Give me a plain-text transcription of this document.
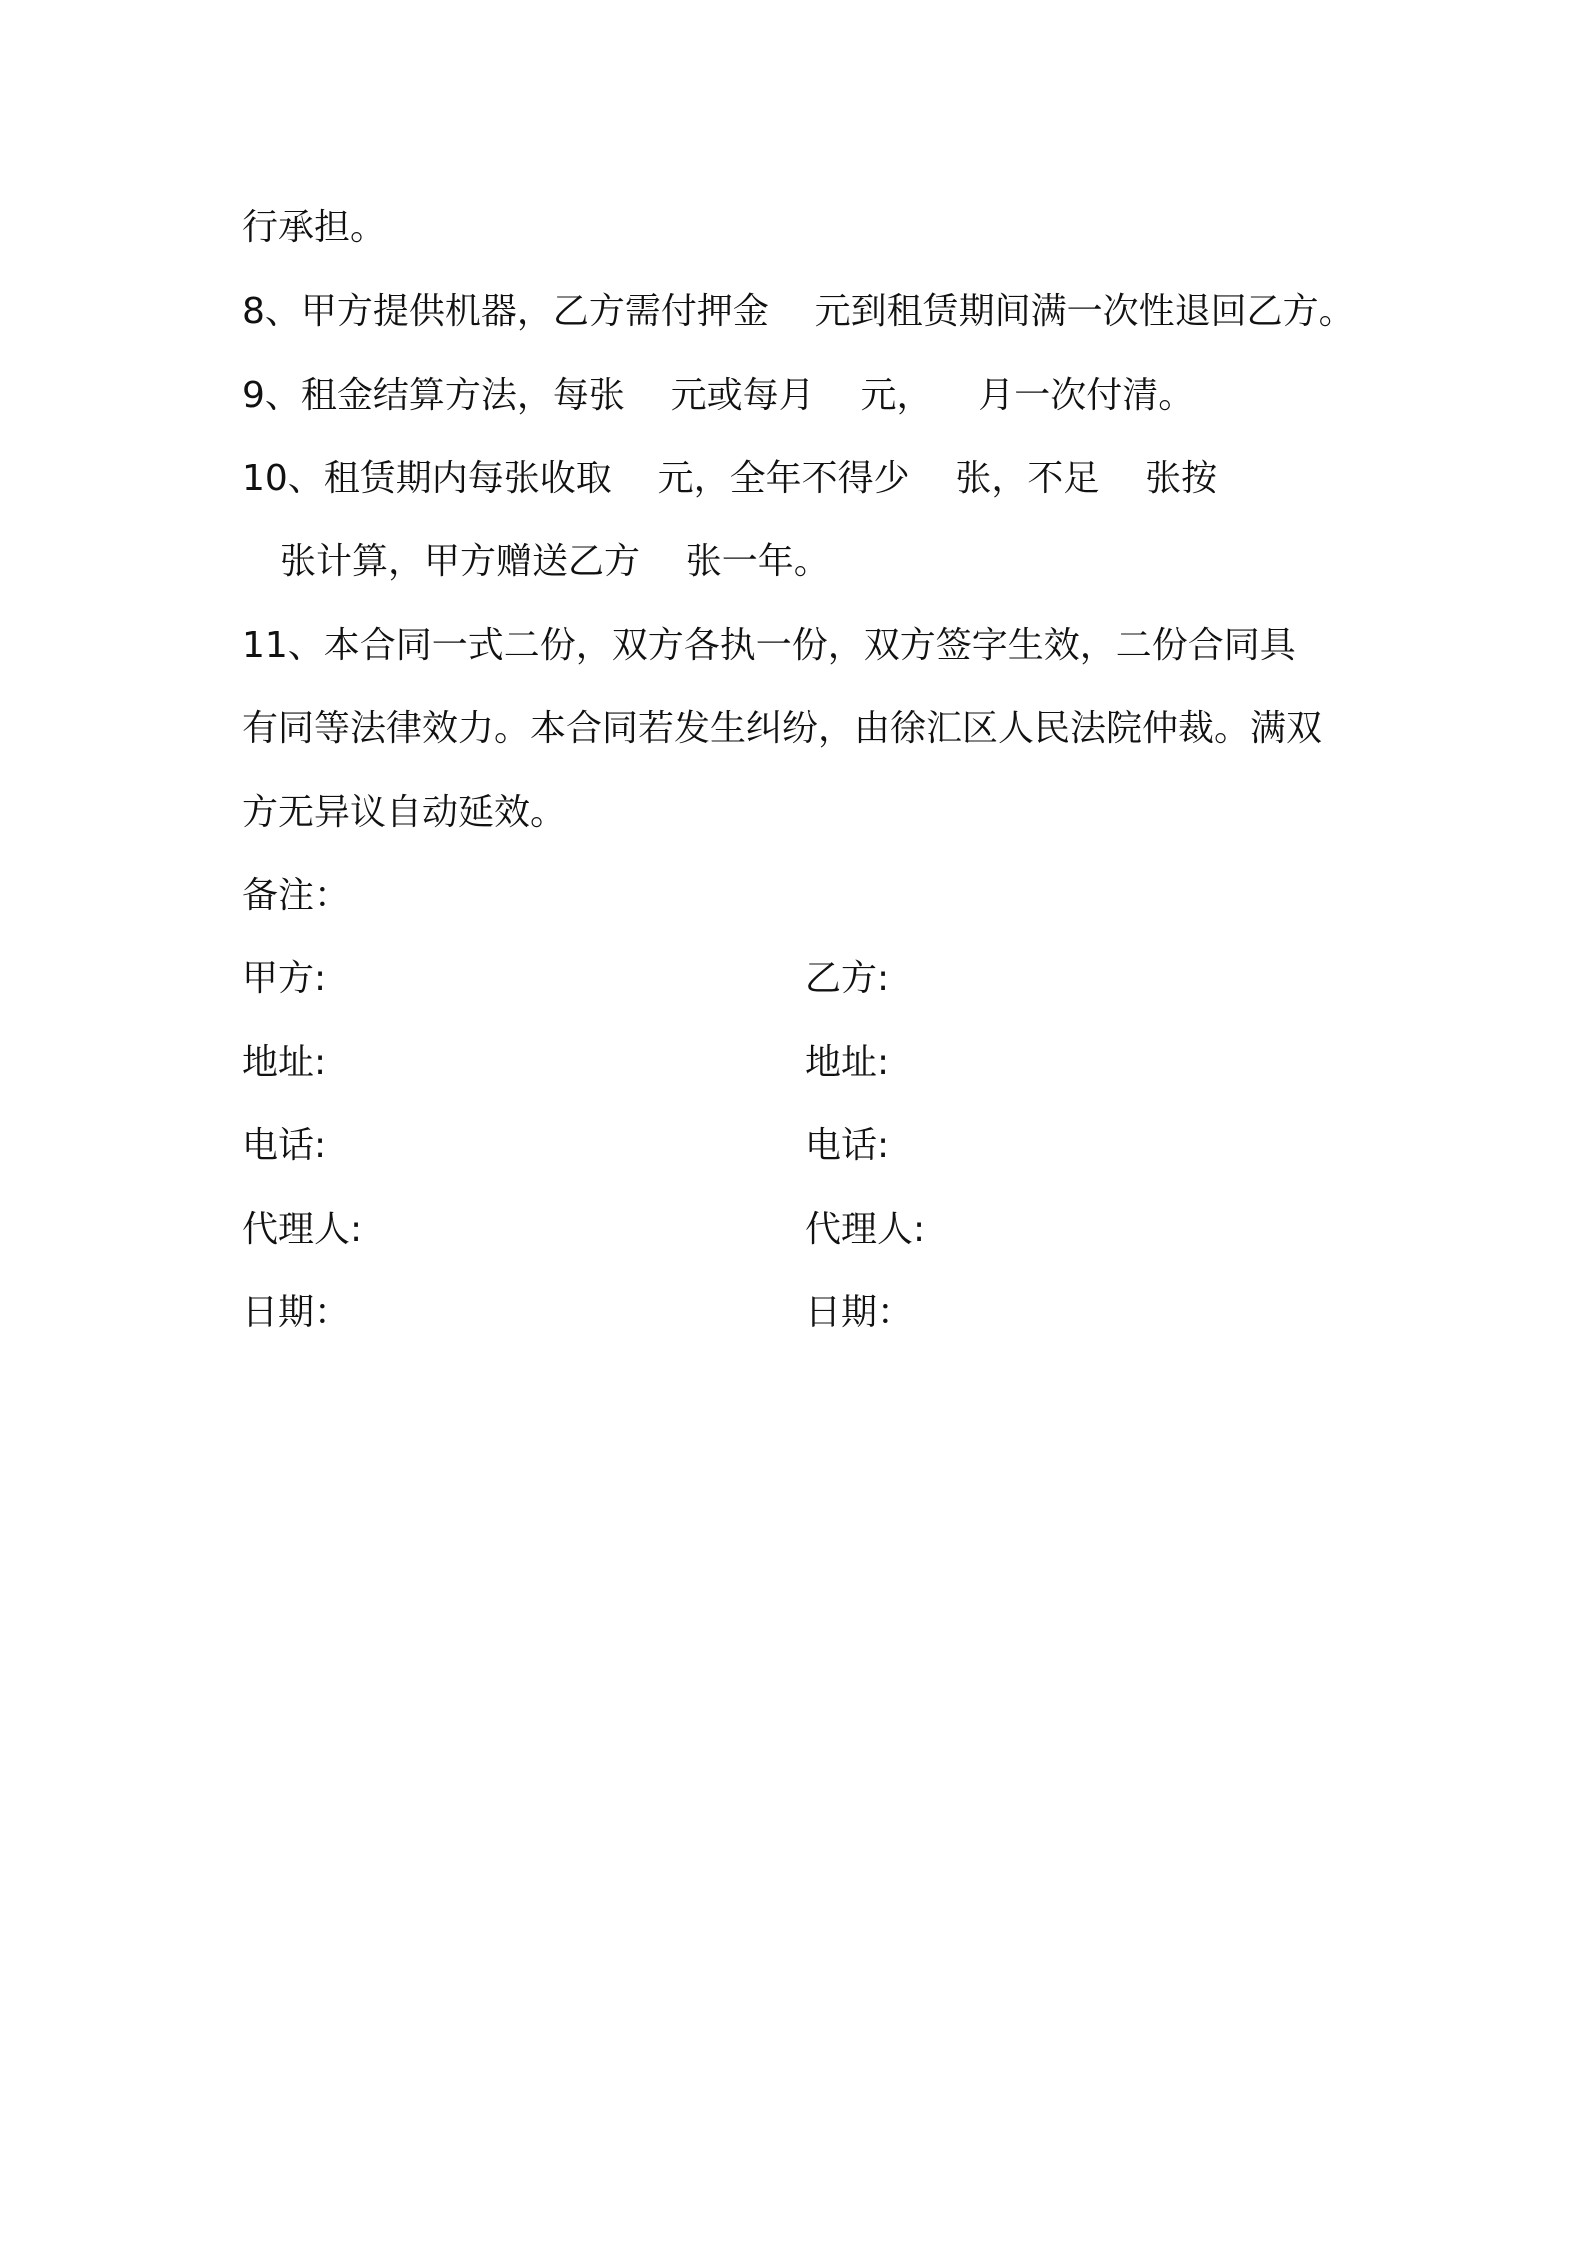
行承担。
8、甲方提供机器，乙方需付押金    元到租赁期间满一次性退回乙方。
9、租金结算方法，每张    元或每月    元，    月一次付清。
10、租赁期内每张收取    元，全年不得少    张，不足    张按
张计算，甲方赠送乙方    张一年。
11、本合同一式二份，双方各执一份，双方签字生效，二份合同具
有同等法律效力。本合同若发生纠纷，由徐汇区人民法院仲裁。满双
方无异议自动延效。
备注：
甲方:
地址:
电话:
代理人:
日期：
乙方:
地址:
电话:
代理人:
日期：
